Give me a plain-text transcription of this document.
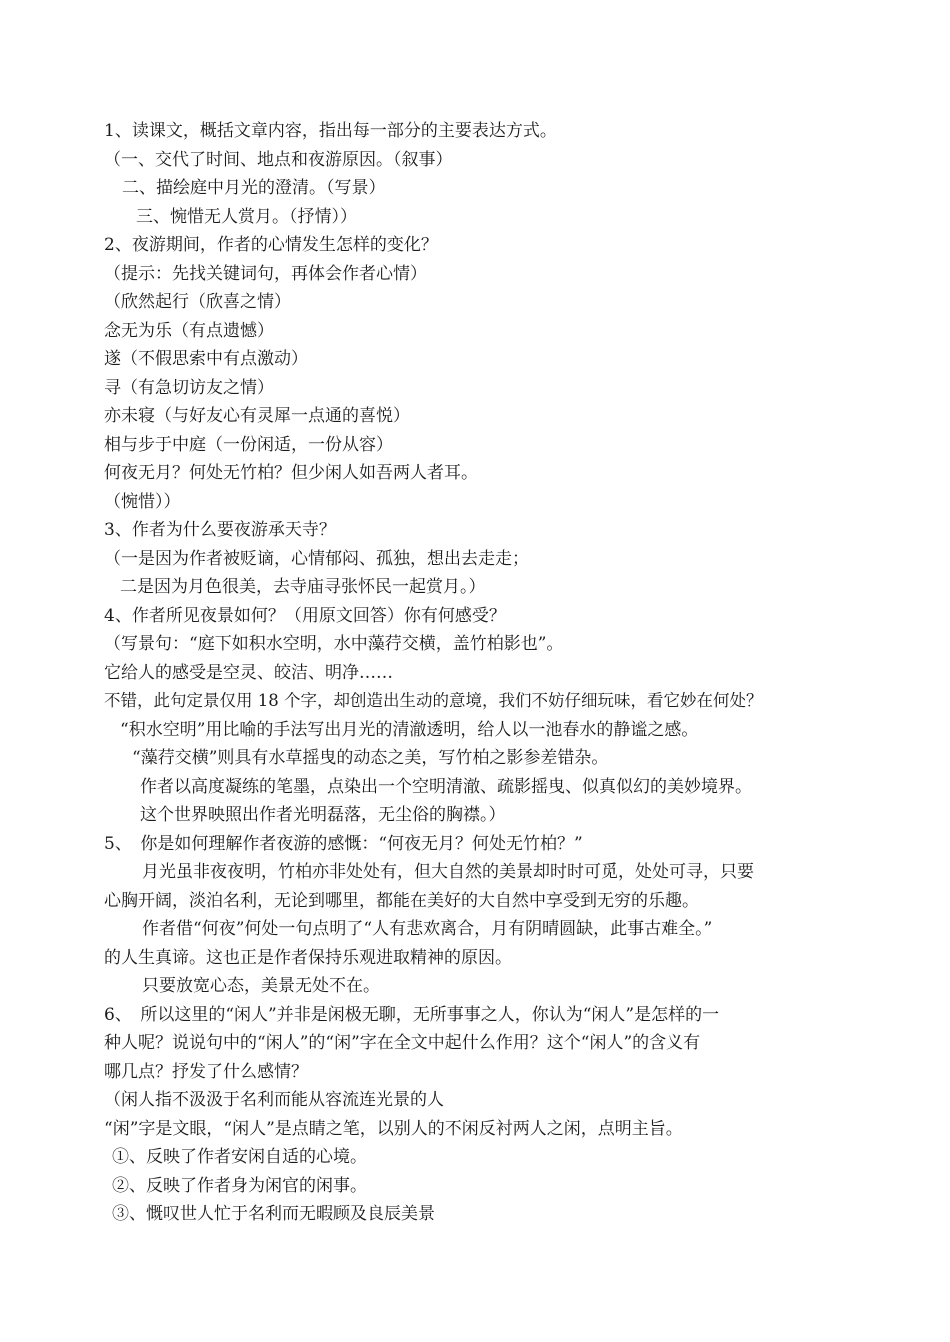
1、读课文，概括文章内容，指出每一部分的主要表达方式。
（一、交代了时间、地点和夜游原因。（叙事）
二、描绘庭中月光的澄清。（写景）
三、惋惜无人赏月。（抒情））
2、夜游期间，作者的心情发生怎样的变化？
（提示：先找关键词句，再体会作者心情）
（欣然起行（欣喜之情）
念无为乐（有点遗憾）
遂（不假思索中有点激动）
寻（有急切访友之情）
亦未寝（与好友心有灵犀一点通的喜悦）
相与步于中庭（一份闲适，一份从容）
何夜无月？何处无竹柏？但少闲人如吾两人者耳。
（惋惜））
3、作者为什么要夜游承天寺？
（一是因为作者被贬谪，心情郁闷、孤独，想出去走走；
二是因为月色很美，去寺庙寻张怀民一起赏月。）
4、作者所见夜景如何？（用原文回答）你有何感受？
（写景句：“庭下如积水空明，水中藻荇交横，盖竹柏影也”。
它给人的感受是空灵、皎洁、明净……
不错，此句定景仅用 18 个字，却创造出生动的意境，我们不妨仔细玩味，看它妙在何处？
“积水空明”用比喻的手法写出月光的清澈透明，给人以一池春水的静谧之感。
“藻荇交横”则具有水草摇曳的动态之美，写竹柏之影参差错杂。
作者以高度凝练的笔墨，点染出一个空明清澈、疏影摇曳、似真似幻的美妙境界。
这个世界映照出作者光明磊落，无尘俗的胸襟。）
5、　你是如何理解作者夜游的感慨：“何夜无月？何处无竹柏？”
月光虽非夜夜明，竹柏亦非处处有，但大自然的美景却时时可觅，处处可寻，只要
心胸开阔，淡泊名利，无论到哪里，都能在美好的大自然中享受到无穷的乐趣。
作者借“何夜”何处一句点明了“人有悲欢离合，月有阴晴圆缺，此事古难全。”
的人生真谛。这也正是作者保持乐观进取精神的原因。
只要放宽心态，美景无处不在。
6、　所以这里的“闲人”并非是闲极无聊，无所事事之人，你认为“闲人”是怎样的一
种人呢？说说句中的“闲人”的“闲”字在全文中起什么作用？这个“闲人”的含义有
哪几点？抒发了什么感情？
（闲人指不汲汲于名利而能从容流连光景的人
“闲”字是文眼，“闲人”是点睛之笔，以别人的不闲反衬两人之闲，点明主旨。
①、反映了作者安闲自适的心境。
②、反映了作者身为闲官的闲事。
③、慨叹世人忙于名利而无暇顾及良辰美景
